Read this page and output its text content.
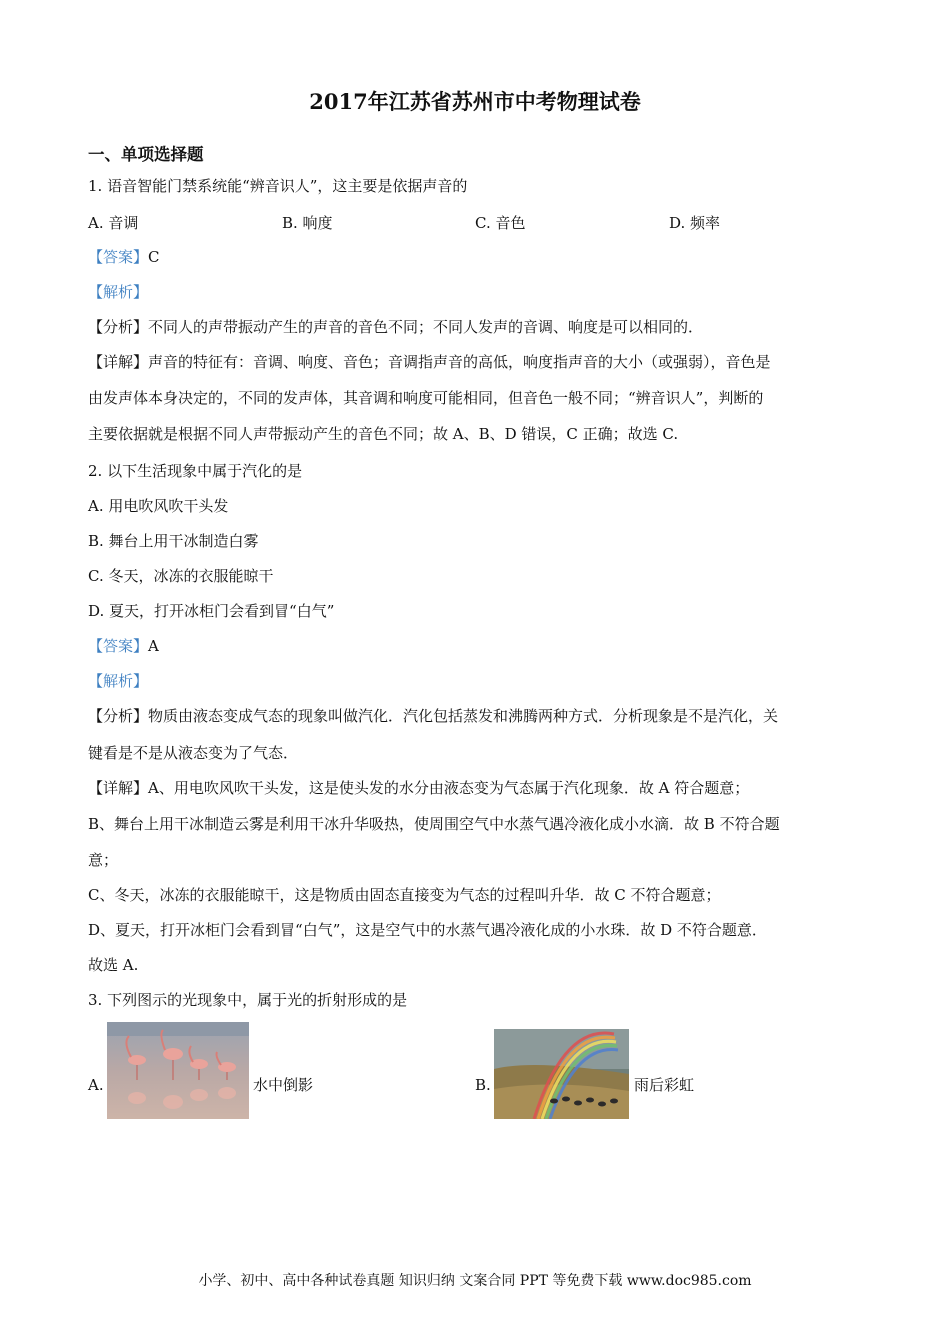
2017年江苏省苏州市中考物理试卷
一、单项选择题
1. 语音智能门禁系统能“辨音识人”，这主要是依据声音的
A. 音调	B. 响度	C. 音色	D. 频率
【答案】C
【解析】
【分析】不同人的声带振动产生的声音的音色不同；不同人发声的音调、响度是可以相同的．
【详解】声音的特征有：音调、响度、音色；音调指声音的高低，响度指声音的大小（或强弱），音色是
由发声体本身决定的，不同的发声体，其音调和响度可能相同，但音色一般不同；“辨音识人”，判断的
主要依据就是根据不同人声带振动产生的音色不同；故 A、B、D 错误，C 正确；故选 C.
2. 以下生活现象中属于汽化的是
A. 用电吹风吹干头发
B. 舞台上用干冰制造白雾
C. 冬天，冰冻的衣服能晾干
D. 夏天，打开冰柜门会看到冒“白气”
【答案】A
【解析】
【分析】物质由液态变成气态的现象叫做汽化．汽化包括蒸发和沸腾两种方式．分析现象是不是汽化，关
键看是不是从液态变为了气态．
【详解】A、用电吹风吹干头发，这是使头发的水分由液态变为气态属于汽化现象．故 A 符合题意；
B、舞台上用干冰制造云雾是利用干冰升华吸热，使周围空气中水蒸气遇冷液化成小水滴．故 B 不符合题
意；
C、冬天，冰冻的衣服能晾干，这是物质由固态直接变为气态的过程叫升华．故 C 不符合题意；
D、夏天，打开冰柜门会看到冒“白气”，这是空气中的水蒸气遇冷液化成的小水珠．故 D 不符合题意．
故选 A.
3. 下列图示的光现象中，属于光的折射形成的是
A.	水中倒影	B.	雨后彩虹
小学、初中、高中各种试卷真题 知识归纳 文案合同 PPT 等免费下载 www.doc985.com
